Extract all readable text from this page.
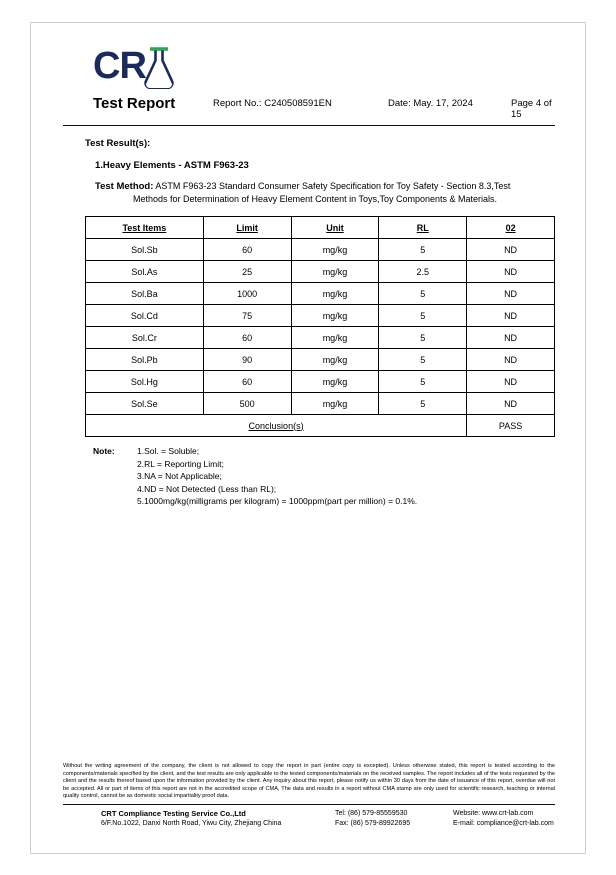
CR
Test Report	Report No.: C240508591EN	Date: May. 17, 2024	Page 4 of 15
Test Result(s):
1.Heavy Elements - ASTM F963-23
Test Method: ASTM F963-23 Standard Consumer Safety Specification for Toy Safety - Section 8.3,Test
Methods for Determination of Heavy Element Content in Toys,Toy Components & Materials.
Test Items	Limit	Unit	RL	02
Sol.Sb	60	mg/kg	5	ND
Sol.As	25	mg/kg	2.5	ND
Sol.Ba	1000	mg/kg	5	ND
Sol.Cd	75	mg/kg	5	ND
Sol.Cr	60	mg/kg	5	ND
Sol.Pb	90	mg/kg	5	ND
Sol.Hg	60	mg/kg	5	ND
Sol.Se	500	mg/kg	5	ND
Conclusion(s)				PASS
Note:	1.Sol. = Soluble;
2.RL = Reporting Limit;
3.NA = Not Applicable;
4.ND = Not Detected (Less than RL);
5.1000mg/kg(milligrams per kilogram) = 1000ppm(part per million) = 0.1%.
Without the writing agreement of the company, the client is not allowed to copy the report in part (entire copy is excepted). Unless otherwise stated, this report is tested according to the components/materials specified by the client, and the test results are only applicable to the tested components/materials on the received samples. The report includes all of the tests requested by the client and the results thereof based upon the information provided by the client. Any inquiry about this report, please notify us within 30 days from the date of issuance of this report, overdue will not be accepted. All or part of items of this report are not in the accredited scope of CMA, The data and results in a report without CMA stamp are only used for scientific research, teaching or internal quality control, cannot be as domestic social impartiality proof data.
CRT Compliance Testing Service Co.,Ltd
6/F.No.1022, Danxi North Road, Yiwu City, Zhejiang China
Tel: (86) 579-85559530
Fax: (86) 579-89922695
Website: www.crt-lab.com
E-mail: compliance@crt-lab.com
